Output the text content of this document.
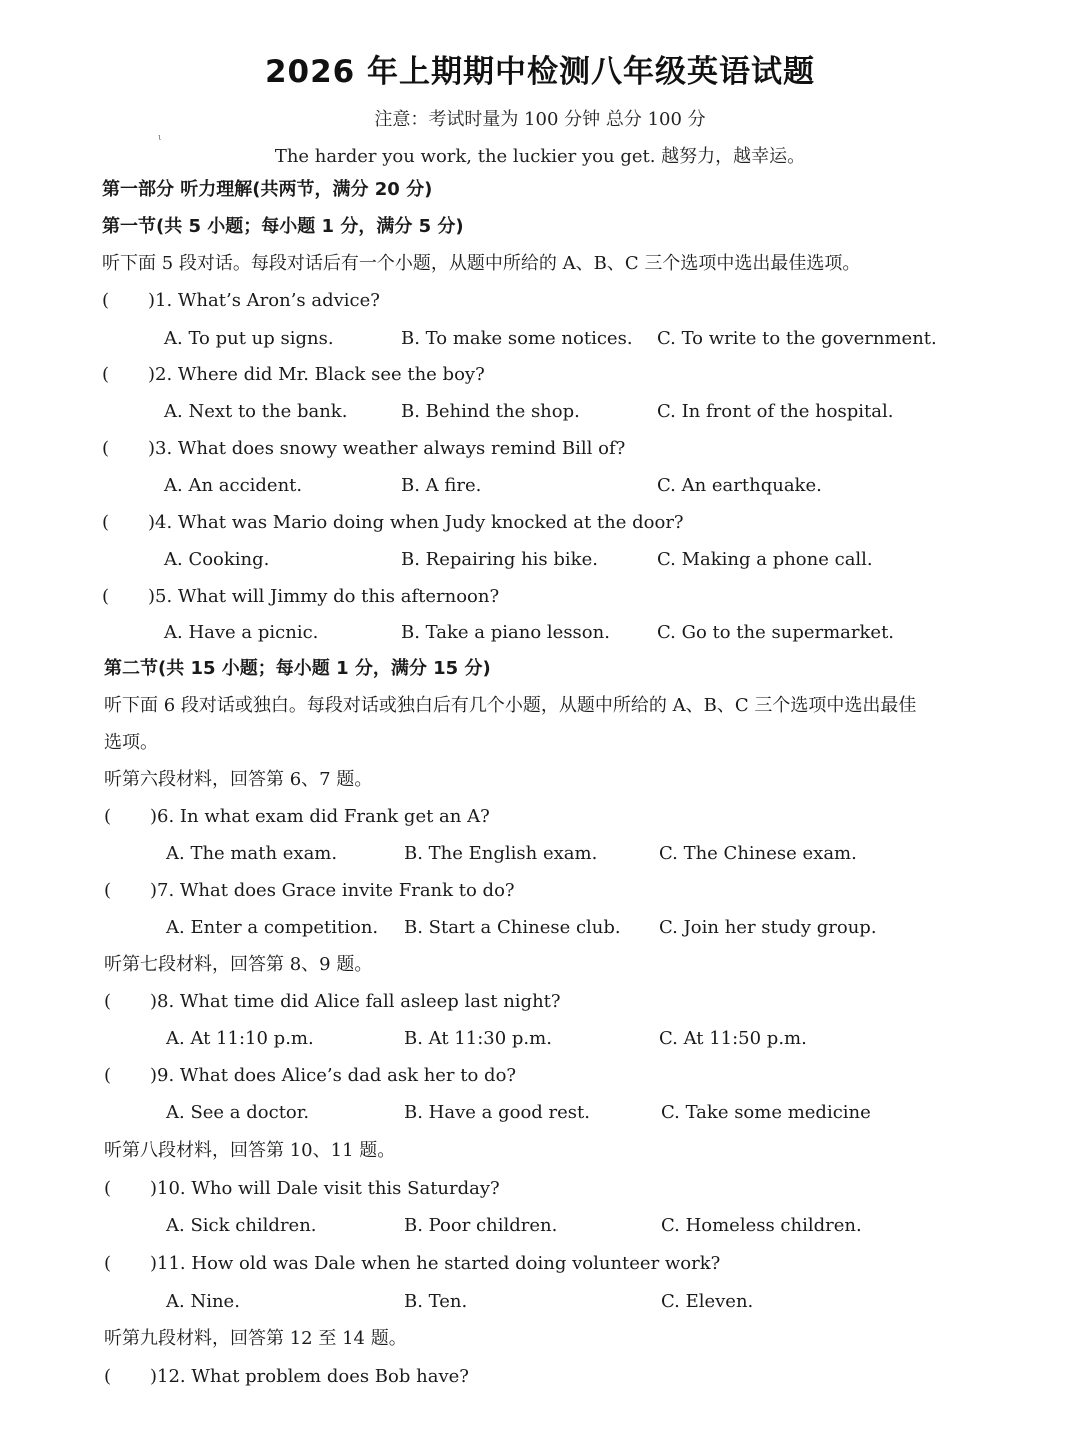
2026 年上期期中检测八年级英语试题
注意：考试时量为 100 分钟 总分 100 分
ι
The harder you work, the luckier you get. 越努力，越幸运。
第一部分 听力理解(共两节，满分 20 分)
第一节(共 5 小题；每小题 1 分，满分 5 分)
听下面 5 段对话。每段对话后有一个小题，从题中所给的 A、B、C 三个选项中选出最佳选项。
( )1. What’s Aron’s advice?
A. To put up signs.	B. To make some notices. C. To write to the government.
( )2. Where did Mr. Black see the boy?
A. Next to the bank.	B. Behind the shop.	C. In front of the hospital.
( )3. What does snowy weather always remind Bill of?
A. An accident.	B. A fire.	C. An earthquake.
( )4. What was Mario doing when Judy knocked at the door?
A. Cooking.	B. Repairing his bike.	C. Making a phone call.
( )5. What will Jimmy do this afternoon?
A. Have a picnic.	B. Take a piano lesson.	C. Go to the supermarket.
第二节(共 15 小题；每小题 1 分，满分 15 分)
听下面 6 段对话或独白。每段对话或独白后有几个小题，从题中所给的 A、B、C 三个选项中选出最佳
选项。
听第六段材料，回答第 6、7 题。
( )6. In what exam did Frank get an A?
A. The math exam.	B. The English exam.	C. The Chinese exam.
( )7. What does Grace invite Frank to do?
A. Enter a competition. B. Start a Chinese club. C. Join her study group.
听第七段材料，回答第 8、9 题。
( )8. What time did Alice fall asleep last night?
A. At 11:10 p.m.	B. At 11:30 p.m.	C. At 11:50 p.m.
( )9. What does Alice’s dad ask her to do?
A. See a doctor.	B. Have a good rest.	C. Take some medicine
听第八段材料，回答第 10、11 题。
( )10. Who will Dale visit this Saturday?
A. Sick children.	B. Poor children.	C. Homeless children.
( )11. How old was Dale when he started doing volunteer work?
A. Nine.	B. Ten.	C. Eleven.
听第九段材料，回答第 12 至 14 题。
( )12. What problem does Bob have?
